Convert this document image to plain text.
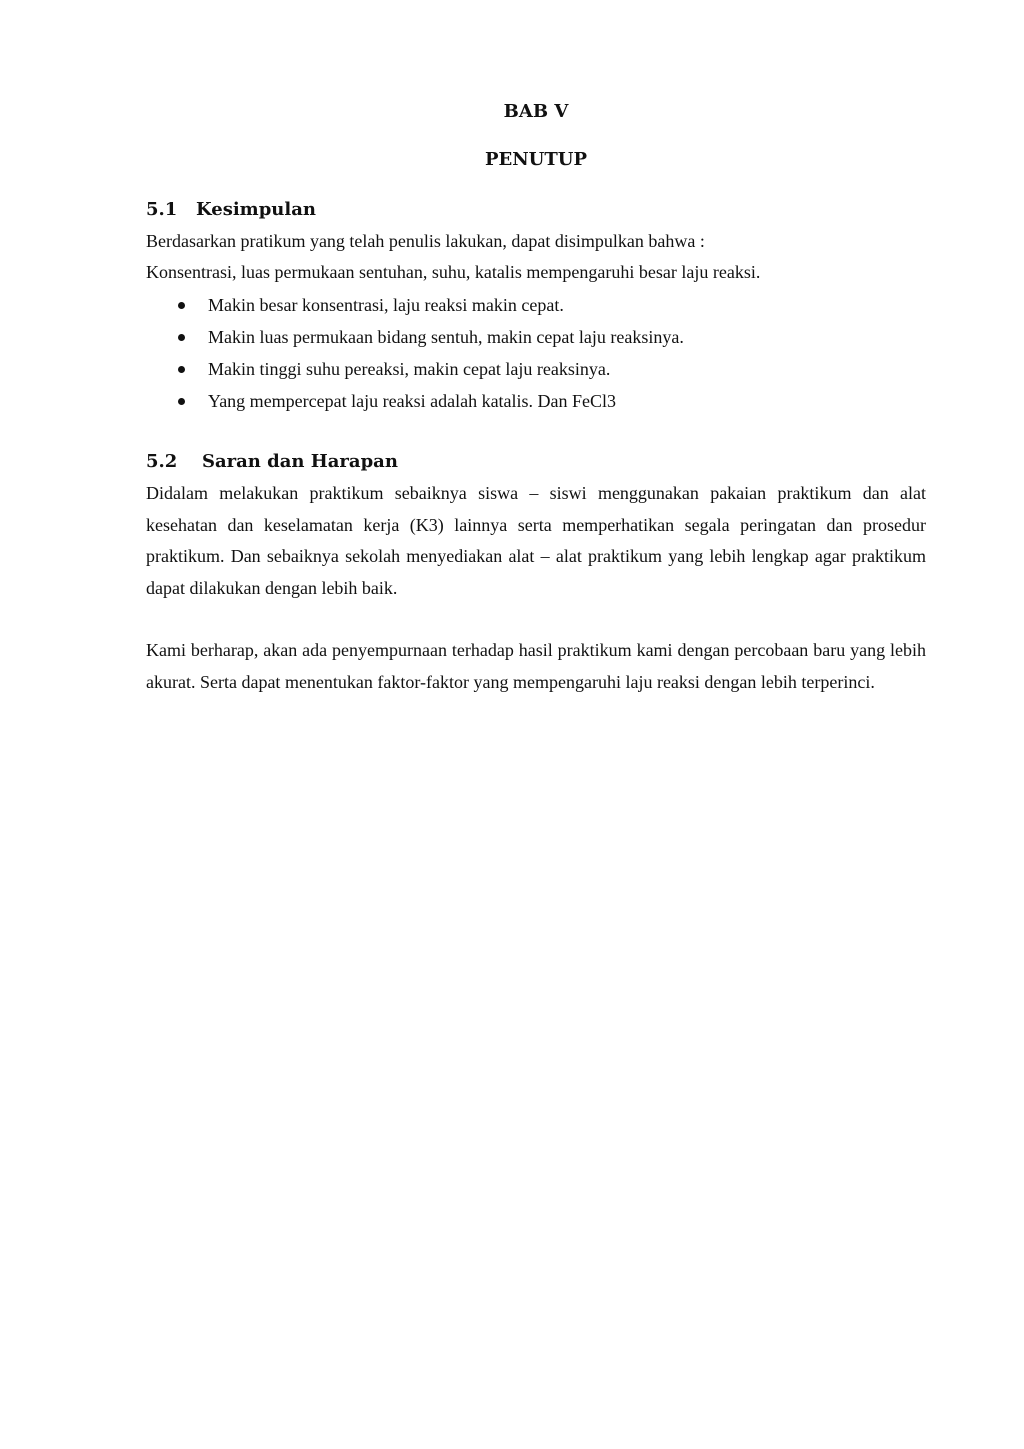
BAB V
PENUTUP
5.1 Kesimpulan

Berdasarkan pratikum yang telah penulis lakukan, dapat disimpulkan bahwa :

Konsentrasi, luas permukaan sentuhan, suhu, katalis mempengaruhi besar laju reaksi.

Makin besar konsentrasi, laju reaksi makin cepat.
Makin luas permukaan bidang sentuh, makin cepat laju reaksinya.
Makin tinggi suhu pereaksi, makin cepat laju reaksinya.
Yang mempercepat laju reaksi adalah katalis. Dan FeCl3
5.2 Saran dan Harapan

Didalam melakukan praktikum sebaiknya siswa – siswi menggunakan pakaian praktikum dan alat kesehatan dan keselamatan kerja (K3) lainnya serta memperhatikan segala peringatan dan prosedur praktikum. Dan sebaiknya sekolah menyediakan alat – alat praktikum yang lebih lengkap agar praktikum dapat dilakukan dengan lebih baik.

Kami berharap, akan ada penyempurnaan terhadap hasil praktikum kami dengan percobaan baru yang lebih akurat. Serta dapat menentukan faktor-faktor yang mempengaruhi laju reaksi dengan lebih terperinci.
